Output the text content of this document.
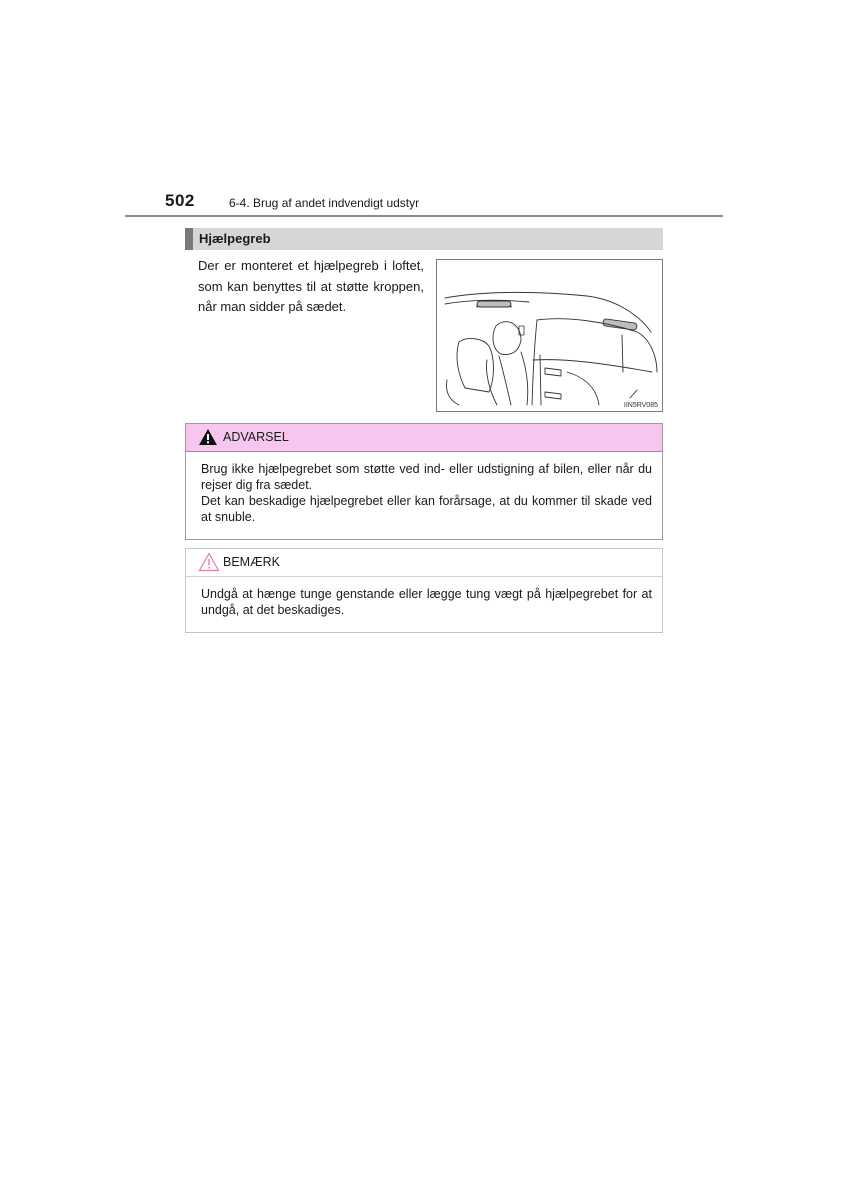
502	6-4. Brug af andet indvendigt udstyr
Hjælpegreb

Der er monteret et hjælpegreb i loftet, som kan benyttes til at støtte kroppen, når man sidder på sædet.

IIN5RV085
ADVARSEL

Brug ikke hjælpegrebet som støtte ved ind- eller udstigning af bilen, eller når du rejser dig fra sædet.

Det kan beskadige hjælpegrebet eller kan forårsage, at du kommer til skade ved at snuble.

BEMÆRK

Undgå at hænge tunge genstande eller lægge tung vægt på hjælpegrebet for at undgå, at det beskadiges.
